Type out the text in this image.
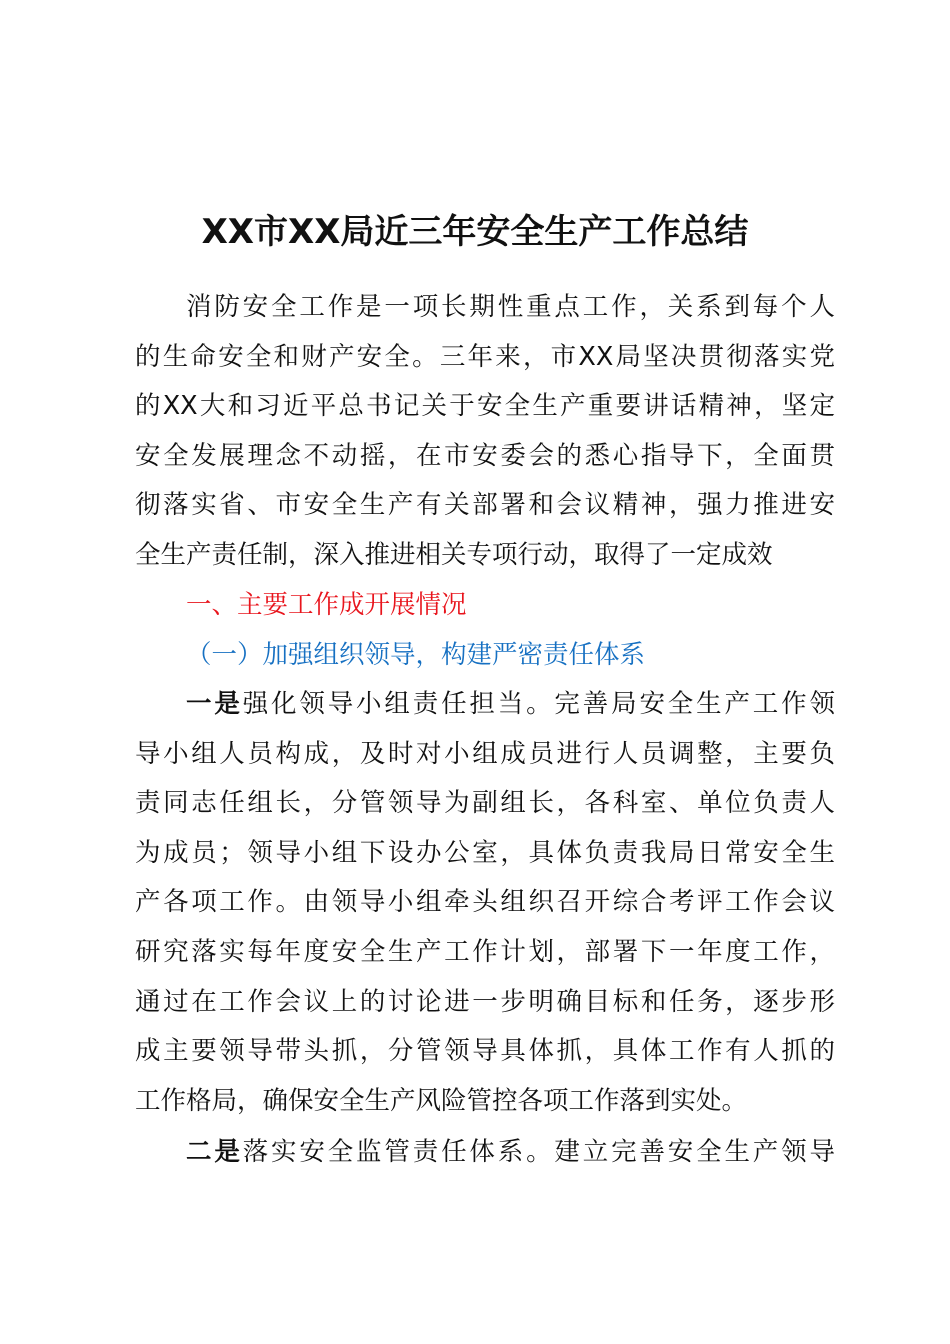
XX市XX局近三年安全生产工作总结
消防安全工作是一项长期性重点工作，关系到每个人
的生命安全和财产安全。三年来，市XX局坚决贯彻落实党
的XX大和习近平总书记关于安全生产重要讲话精神，坚定
安全发展理念不动摇，在市安委会的悉心指导下，全面贯
彻落实省、市安全生产有关部署和会议精神，强力推进安
全生产责任制，深入推进相关专项行动，取得了一定成效
一、主要工作成开展情况
（一）加强组织领导，构建严密责任体系
一是强化领导小组责任担当。完善局安全生产工作领
导小组人员构成，及时对小组成员进行人员调整，主要负
责同志任组长，分管领导为副组长，各科室、单位负责人
为成员；领导小组下设办公室，具体负责我局日常安全生
产各项工作。由领导小组牵头组织召开综合考评工作会议
研究落实每年度安全生产工作计划，部署下一年度工作，
通过在工作会议上的讨论进一步明确目标和任务，逐步形
成主要领导带头抓，分管领导具体抓，具体工作有人抓的
工作格局，确保安全生产风险管控各项工作落到实处。
二是落实安全监管责任体系。建立完善安全生产领导
